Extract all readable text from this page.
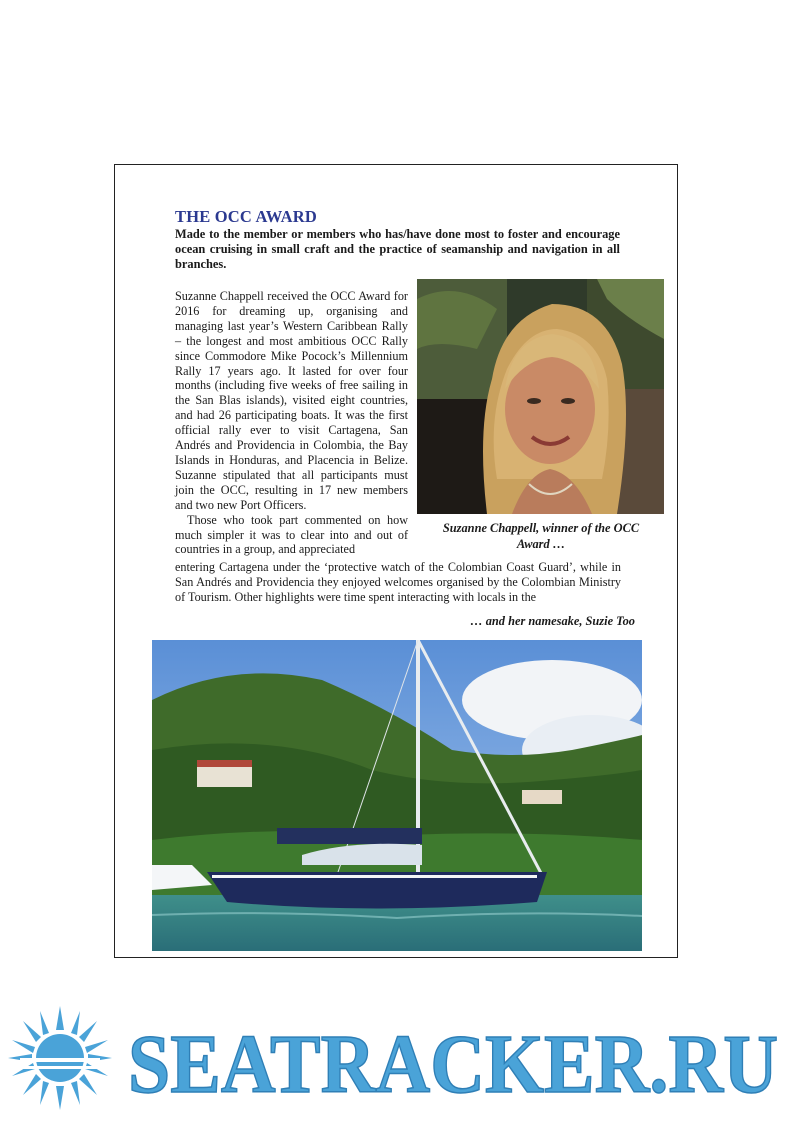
THE OCC AWARD

Made to the member or members who has/have done most to foster and encourage ocean cruising in small craft and the practice of seamanship and navigation in all branches.

Suzanne Chappell received the OCC Award for 2016 for dreaming up, organising and managing last year’s Western Caribbean Rally – the longest and most ambitious OCC Rally since Commodore Mike Pocock’s Millennium Rally 17 years ago. It lasted for over four months (including five weeks of free sailing in the San Blas islands), visited eight countries, and had 26 participating boats. It was the first official rally ever to visit Cartagena, San Andrés and Providencia in Colombia, the Bay Islands in Honduras, and Placencia in Belize. Suzanne stipulated that all participants must join the OCC, resulting in 17 new members and two new Port Officers.

Those who took part commented on how much simpler it was to clear into and out of countries in a group, and appreciated

entering Cartagena under the ‘protective watch of the Colombian Coast Guard’, while in San Andrés and Providencia they enjoyed welcomes organised by the Colombian Ministry of Tourism. Other highlights were time spent interacting with locals in the

Suzanne Chappell, winner of the OCC Award …
… and her namesake, Suzie Too
SEATRACKER.RU
